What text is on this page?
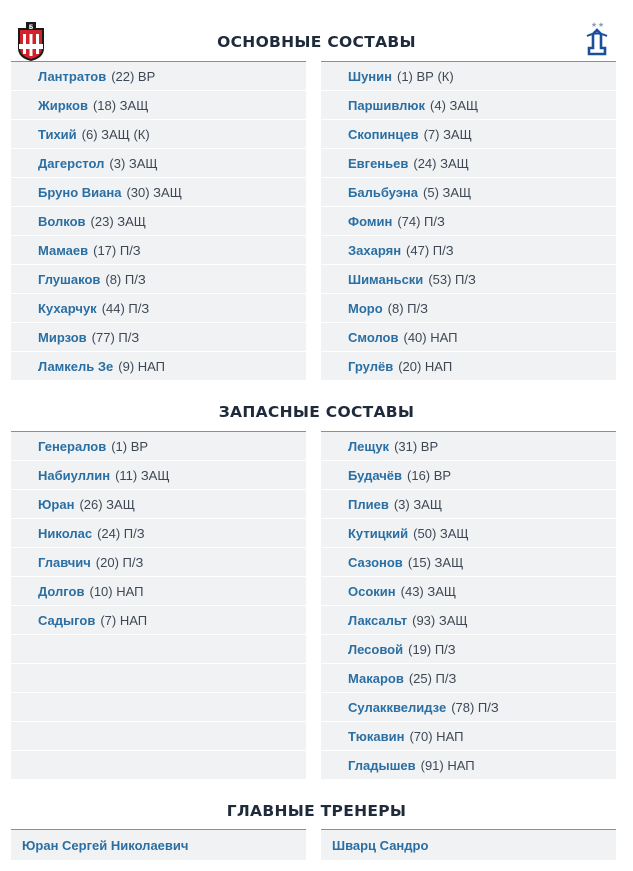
Б	★ ★
ОСНОВНЫЕ СОСТАВЫ
Лантратов (22) ВР
Жирков (18) ЗАЩ
Тихий (6) ЗАЩ (К)
Дагерстол (3) ЗАЩ
Бруно Виана (30) ЗАЩ
Волков (23) ЗАЩ
Мамаев (17) П/З
Глушаков (8) П/З
Кухарчук (44) П/З
Мирзов (77) П/З
Ламкель Зе (9) НАП
Шунин (1) ВР (К)
Паршивлюк (4) ЗАЩ
Скопинцев (7) ЗАЩ
Евгеньев (24) ЗАЩ
Бальбуэна (5) ЗАЩ
Фомин (74) П/З
Захарян (47) П/З
Шиманьски (53) П/З
Моро (8) П/З
Смолов (40) НАП
Грулёв (20) НАП
ЗАПАСНЫЕ СОСТАВЫ
Генералов (1) ВР
Набиуллин (11) ЗАЩ
Юран (26) ЗАЩ
Николас (24) П/З
Главчич (20) П/З
Долгов (10) НАП
Садыгов (7) НАП
Лещук (31) ВР
Будачёв (16) ВР
Плиев (3) ЗАЩ
Кутицкий (50) ЗАЩ
Сазонов (15) ЗАЩ
Осокин (43) ЗАЩ
Лаксальт (93) ЗАЩ
Лесовой (19) П/З
Макаров (25) П/З
Сулакквелидзе (78) П/З
Тюкавин (70) НАП
Гладышев (91) НАП
ГЛАВНЫЕ ТРЕНЕРЫ
Юран Сергей Николаевич	Шварц Сандро
